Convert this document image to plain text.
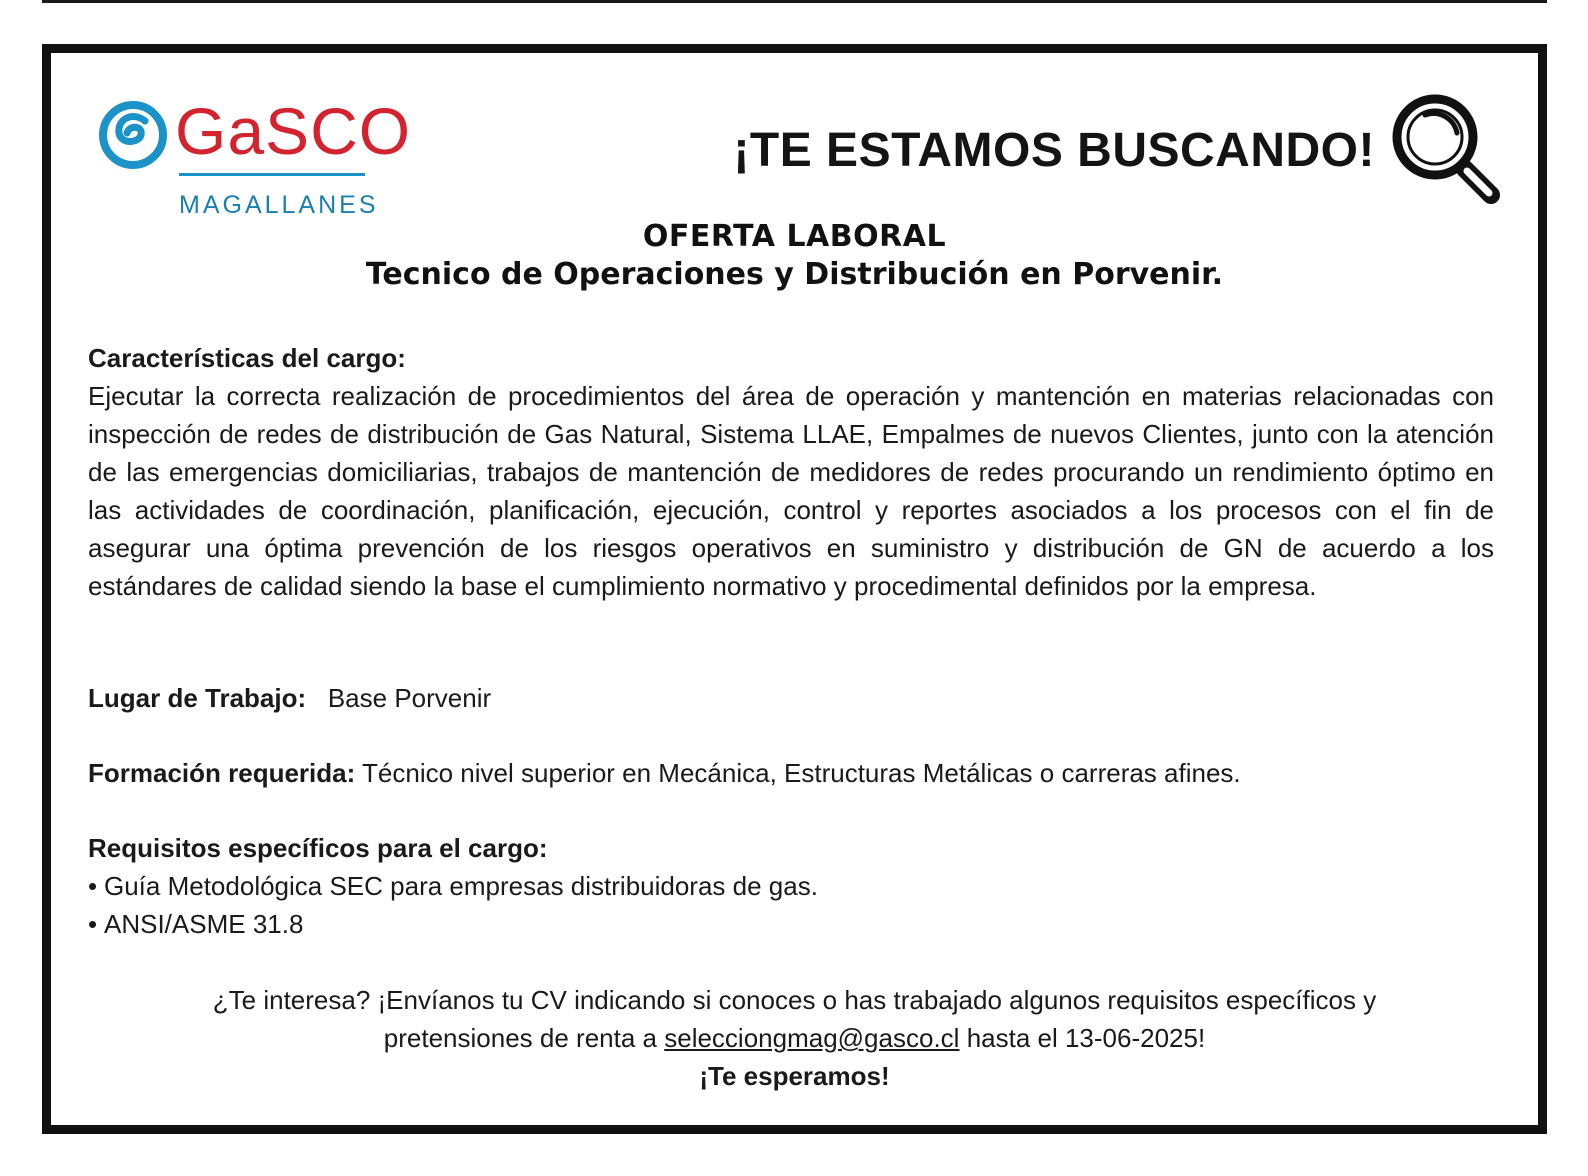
GaSCO
MAGALLANES
¡TE ESTAMOS BUSCANDO!
OFERTA LABORAL
Tecnico de Operaciones y Distribución en Porvenir.
Características del cargo:

Ejecutar la correcta realización de procedimientos del área de operación y mantención en materias relacionadas con inspección de redes de distribución de Gas Natural, Sistema LLAE, Empalmes de nuevos Clientes, junto con la atención de las emergencias domiciliarias, trabajos de mantención de medidores de redes procurando un rendimiento óptimo en las actividades de coordinación, planificación, ejecución, control y reportes asociados a los procesos con el fin de asegurar una óptima prevención de los riesgos operativos en suministro y distribución de GN de acuerdo a los estándares de calidad siendo la base el cumplimiento normativo y procedimental definidos por la empresa.

Lugar de Trabajo: Base Porvenir
Formación requerida: Técnico nivel superior en Mecánica, Estructuras Metálicas o carreras afines.
Requisitos específicos para el cargo:
• Guía Metodológica SEC para empresas distribuidoras de gas.
• ANSI/ASME 31.8
¿Te interesa? ¡Envíanos tu CV indicando si conoces o has trabajado algunos requisitos específicos y
pretensiones de renta a selecciongmag@gasco.cl hasta el 13-06-2025!
¡Te esperamos!
